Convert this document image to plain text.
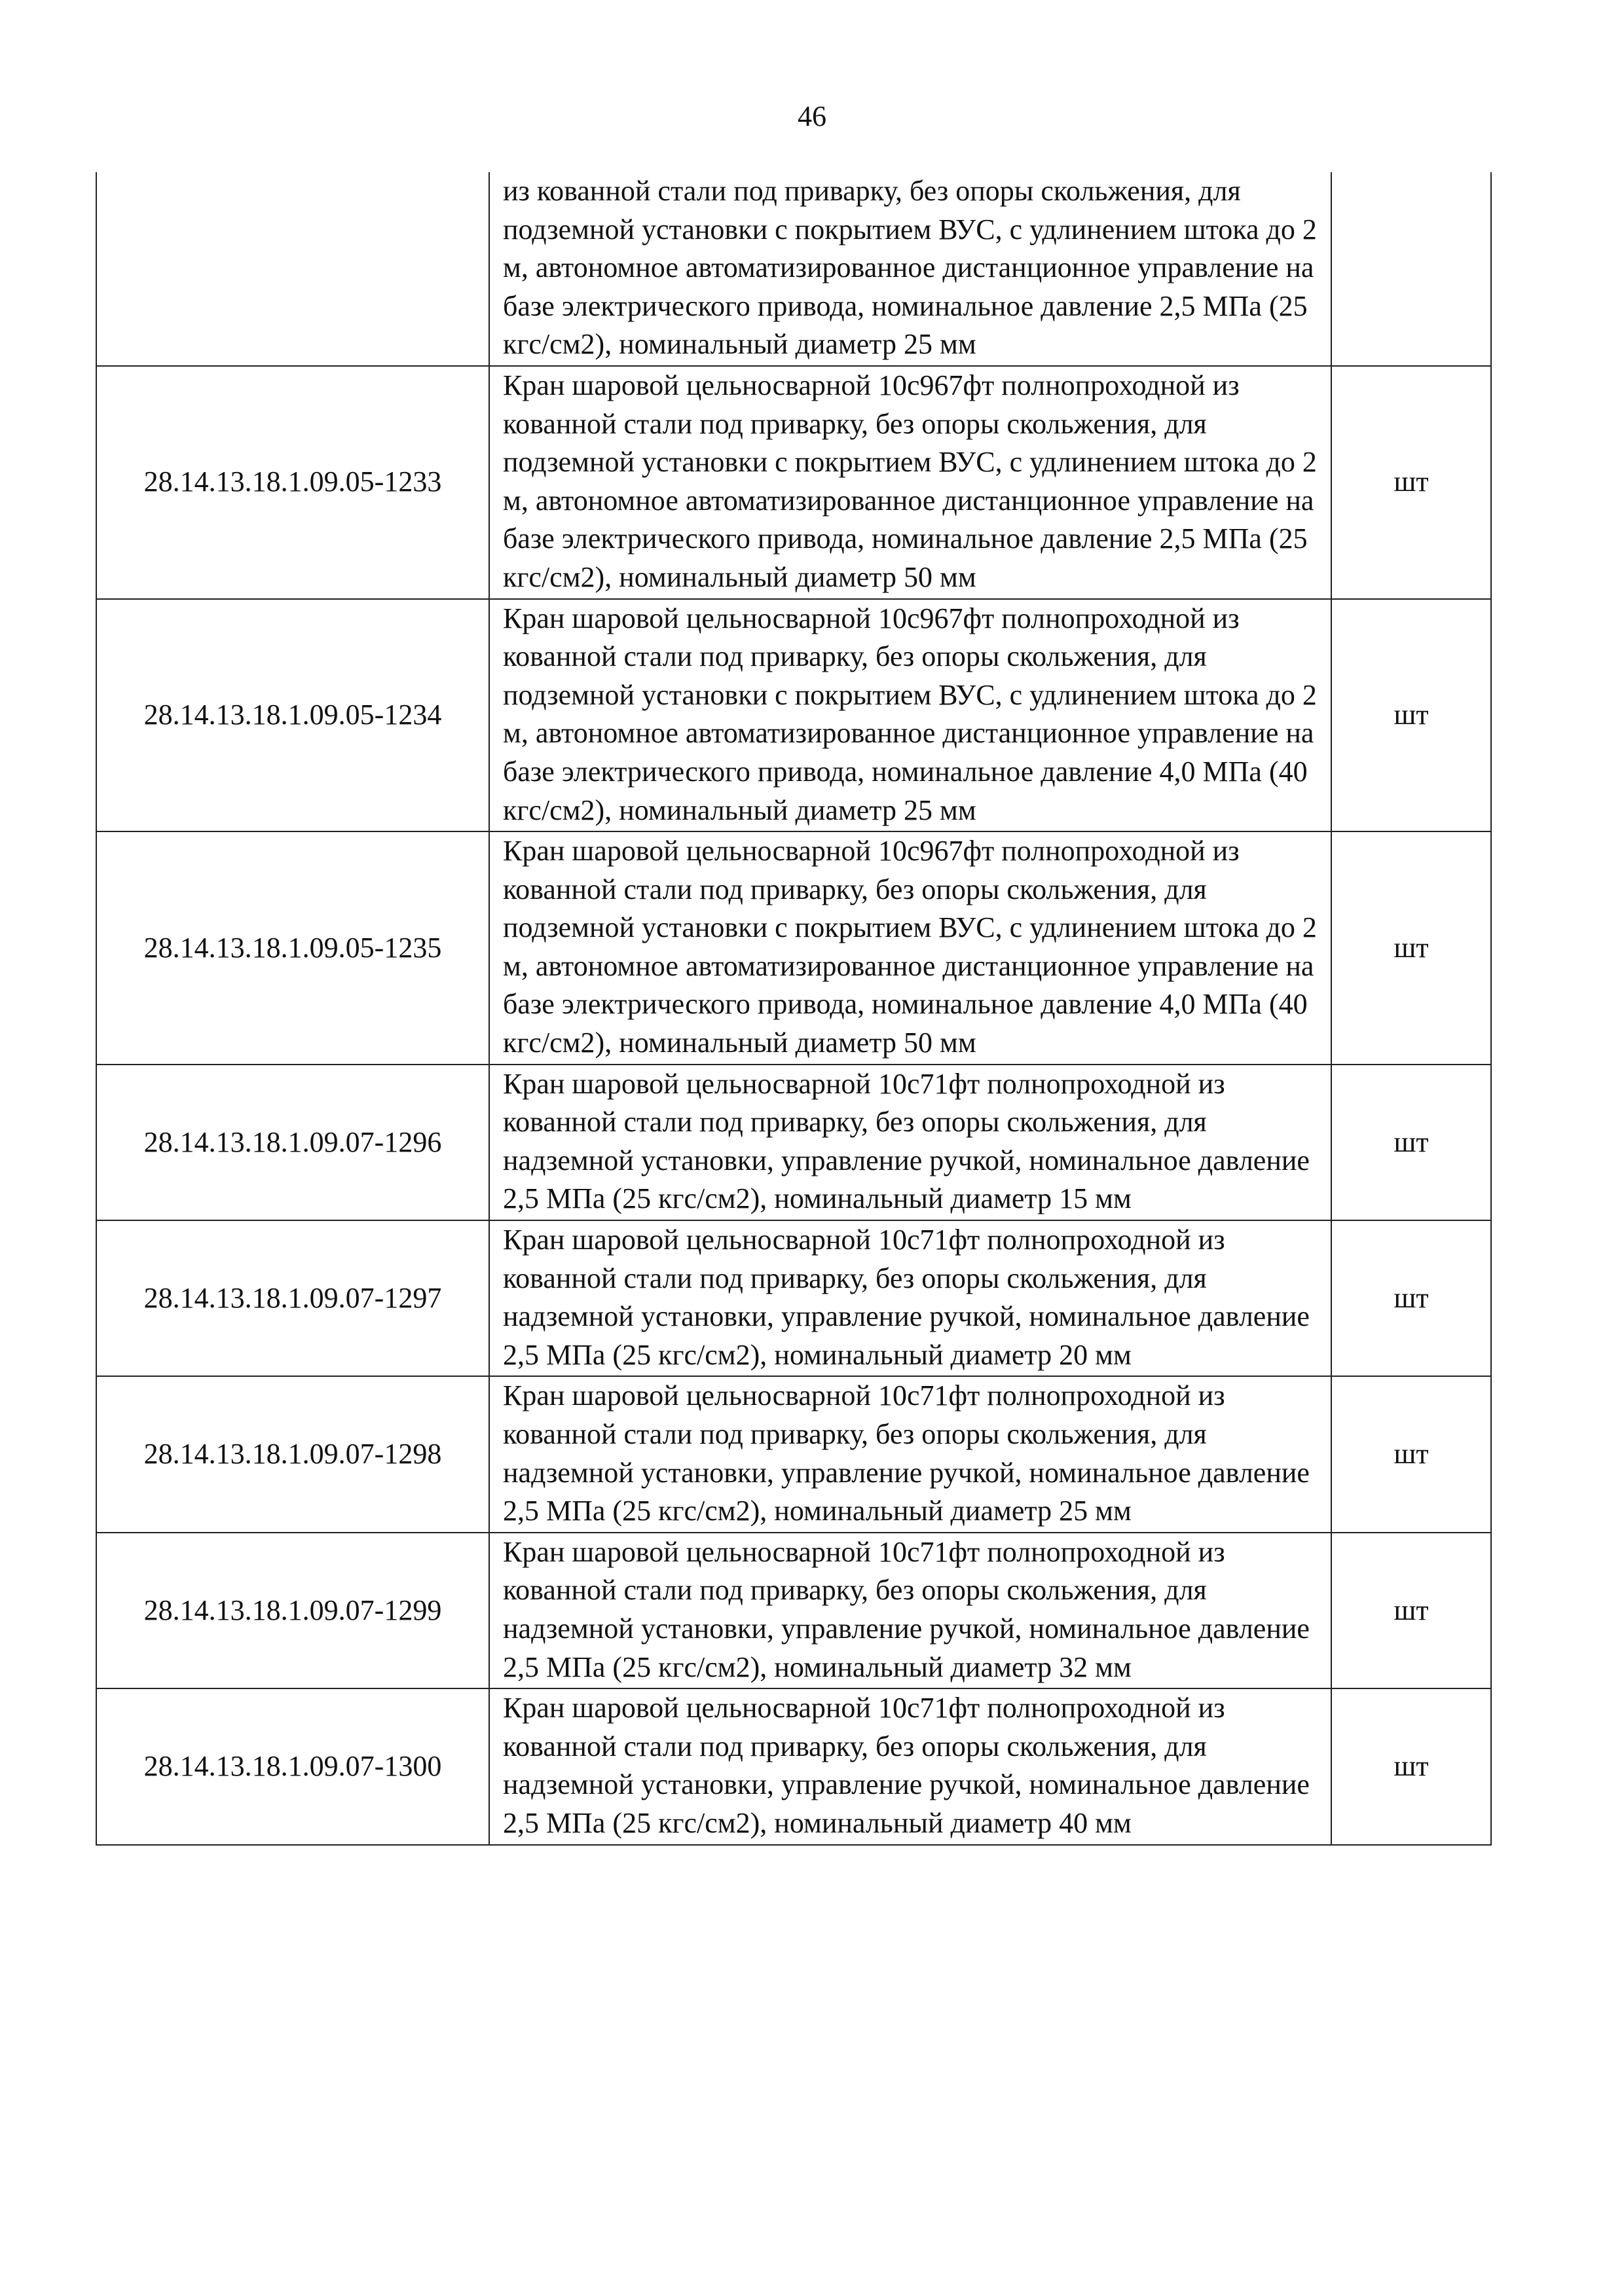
46
	из кованной стали под приварку, без опоры скольжения, для подземной установки с покрытием ВУС, с удлинением штока до 2 м, автономное автоматизированное дистанционное управление на базе электрического привода, номинальное давление 2,5 МПа (25 кгс/см2), номинальный диаметр 25 мм	
28.14.13.18.1.09.05-1233	Кран шаровой цельносварной 10с967фт полнопроходной из кованной стали под приварку, без опоры скольжения, для подземной установки с покрытием ВУС, с удлинением штока до 2 м, автономное автоматизированное дистанционное управление на базе электрического привода, номинальное давление 2,5 МПа (25 кгс/см2), номинальный диаметр 50 мм	шт
28.14.13.18.1.09.05-1234	Кран шаровой цельносварной 10с967фт полнопроходной из кованной стали под приварку, без опоры скольжения, для подземной установки с покрытием ВУС, с удлинением штока до 2 м, автономное автоматизированное дистанционное управление на базе электрического привода, номинальное давление 4,0 МПа (40 кгс/см2), номинальный диаметр 25 мм	шт
28.14.13.18.1.09.05-1235	Кран шаровой цельносварной 10с967фт полнопроходной из кованной стали под приварку, без опоры скольжения, для подземной установки с покрытием ВУС, с удлинением штока до 2 м, автономное автоматизированное дистанционное управление на базе электрического привода, номинальное давление 4,0 МПа (40 кгс/см2), номинальный диаметр 50 мм	шт
28.14.13.18.1.09.07-1296	Кран шаровой цельносварной 10с71фт полнопроходной из кованной стали под приварку, без опоры скольжения, для надземной установки, управление ручкой, номинальное давление 2,5 МПа (25 кгс/см2), номинальный диаметр 15 мм	шт
28.14.13.18.1.09.07-1297	Кран шаровой цельносварной 10с71фт полнопроходной из кованной стали под приварку, без опоры скольжения, для надземной установки, управление ручкой, номинальное давление 2,5 МПа (25 кгс/см2), номинальный диаметр 20 мм	шт
28.14.13.18.1.09.07-1298	Кран шаровой цельносварной 10с71фт полнопроходной из кованной стали под приварку, без опоры скольжения, для надземной установки, управление ручкой, номинальное давление 2,5 МПа (25 кгс/см2), номинальный диаметр 25 мм	шт
28.14.13.18.1.09.07-1299	Кран шаровой цельносварной 10с71фт полнопроходной из кованной стали под приварку, без опоры скольжения, для надземной установки, управление ручкой, номинальное давление 2,5 МПа (25 кгс/см2), номинальный диаметр 32 мм	шт
28.14.13.18.1.09.07-1300	Кран шаровой цельносварной 10с71фт полнопроходной из кованной стали под приварку, без опоры скольжения, для надземной установки, управление ручкой, номинальное давление 2,5 МПа (25 кгс/см2), номинальный диаметр 40 мм	шт
